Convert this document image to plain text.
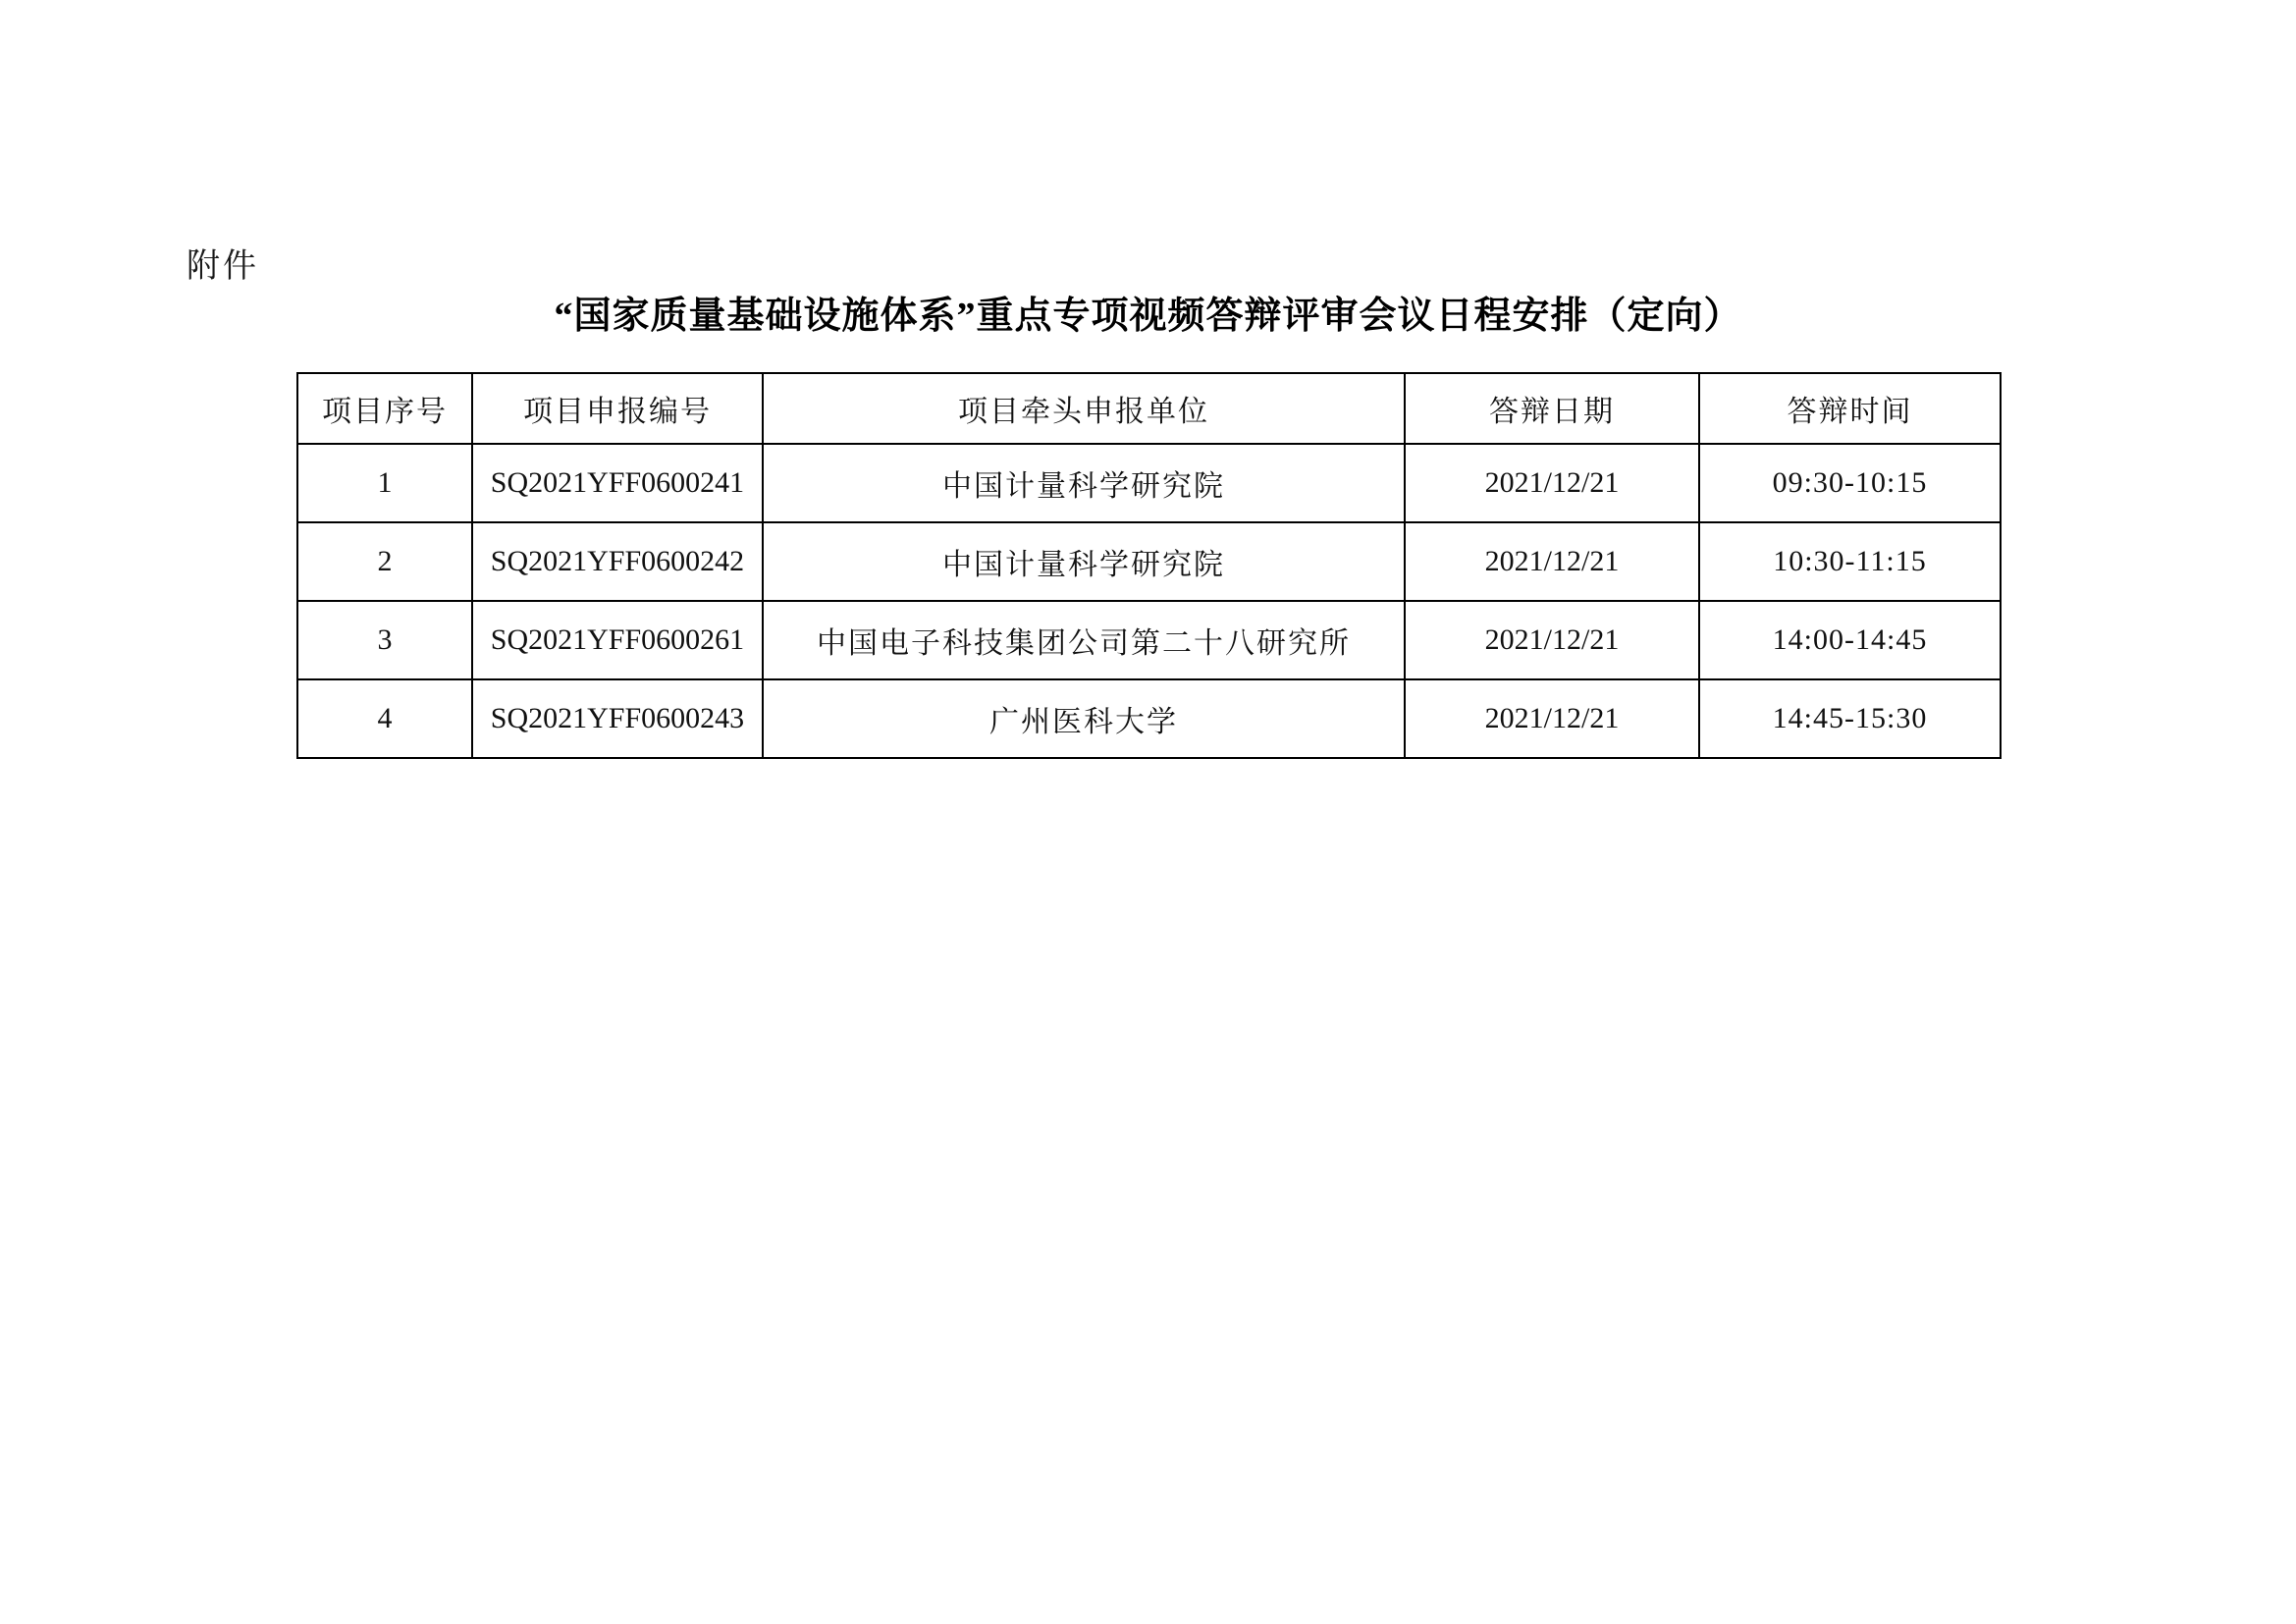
附件
“国家质量基础设施体系”重点专项视频答辩评审会议日程安排（定向）
项目序号	项目申报编号	项目牵头申报单位	答辩日期	答辩时间
1	SQ2021YFF0600241	中国计量科学研究院	2021/12/21	09:30-10:15
2	SQ2021YFF0600242	中国计量科学研究院	2021/12/21	10:30-11:15
3	SQ2021YFF0600261	中国电子科技集团公司第二十八研究所	2021/12/21	14:00-14:45
4	SQ2021YFF0600243	广州医科大学	2021/12/21	14:45-15:30
